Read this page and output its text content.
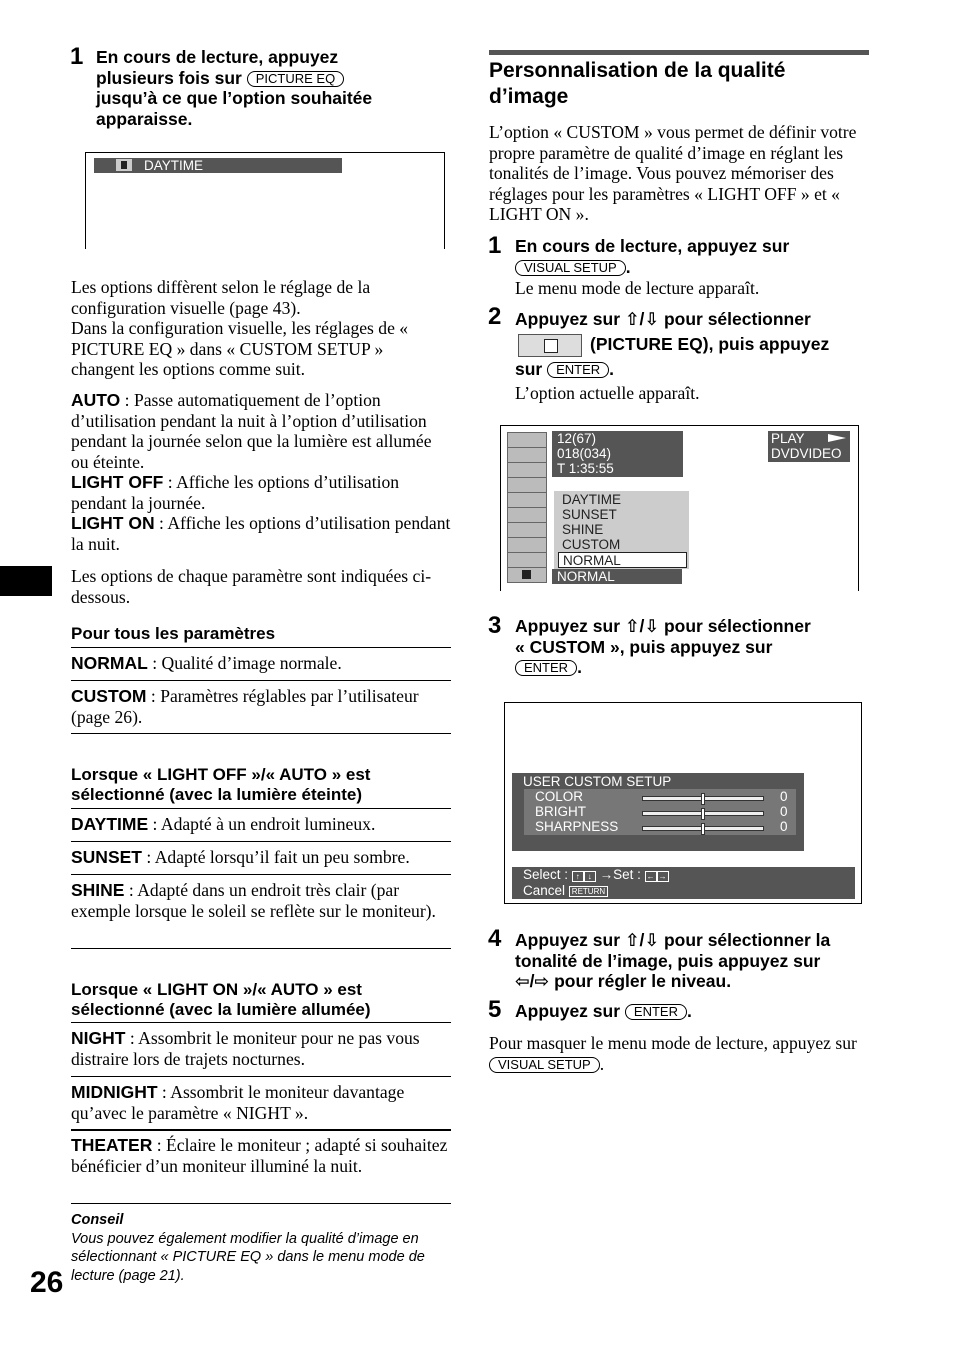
1 En cours de lecture, appuyez
plusieurs fois sur PICTURE EQ
jusqu’à ce que l’option souhaitée
apparaisse.
DAYTIME
Les options diffèrent selon le réglage de la configuration visuelle (page 43).
Dans la configuration visuelle, les réglages de « PICTURE EQ » dans « CUSTOM SETUP » changent les options comme suit.
AUTO : Passe automatiquement de l’option d’utilisation pendant la nuit à l’option d’utilisation pendant la journée selon que la lumière est allumée ou éteinte.
LIGHT OFF : Affiche les options d’utilisation pendant la journée.
LIGHT ON : Affiche les options d’utilisation pendant la nuit.
Les options de chaque paramètre sont indiquées ci-dessous.
Pour tous les paramètres
NORMAL : Qualité d’image normale.
CUSTOM : Paramètres réglables par l’utilisateur (page 26).
Lorsque « LIGHT OFF »/« AUTO » est
sélectionné (avec la lumière éteinte)
DAYTIME : Adapté à un endroit lumineux.
SUNSET : Adapté lorsqu’il fait un peu sombre.
SHINE : Adapté dans un endroit très clair (par exemple lorsque le soleil se reflète sur le moniteur).
Lorsque « LIGHT ON »/« AUTO » est
sélectionné (avec la lumière allumée)
NIGHT : Assombrit le moniteur pour ne pas vous distraire lors de trajets nocturnes.
MIDNIGHT : Assombrit le moniteur davantage qu’avec le paramètre « NIGHT ».
THEATER : Éclaire le moniteur ; adapté si souhaitez bénéficier d’un moniteur illuminé la nuit.
Conseil
Vous pouvez également modifier la qualité d’image en sélectionnant « PICTURE EQ » dans le menu mode de lecture (page 21).
26
Personnalisation de la qualité
d’image
L’option « CUSTOM » vous permet de définir votre propre paramètre de qualité d’image en réglant les tonalités de l’image. Vous pouvez mémoriser des réglages pour les paramètres « LIGHT OFF » et « LIGHT ON ».
1 En cours de lecture, appuyez sur
VISUAL SETUP .
Le menu mode de lecture apparaît.
2 Appuyez sur ⇧/⇩ pour sélectionner
(PICTURE EQ), puis appuyez
sur ENTER .
L’option actuelle apparaît.
12(67)
018(034)
T 1:35:55
PLAY
DVDVIDEO
DAYTIME
SUNSET
SHINE
CUSTOM
NORMAL
NORMAL
3 Appuyez sur ⇧/⇩ pour sélectionner
« CUSTOM », puis appuyez sur
ENTER .
USER CUSTOM SETUP
COLOR	0
BRIGHT	0
SHARPNESS	0
Select : ↑ ↓ →Set : ← →
Cancel RETURN
4 Appuyez sur ⇧/⇩ pour sélectionner la
tonalité de l’image, puis appuyez sur
⇦/⇨ pour régler le niveau.
5 Appuyez sur ENTER .
Pour masquer le menu mode de lecture, appuyez sur VISUAL SETUP .
